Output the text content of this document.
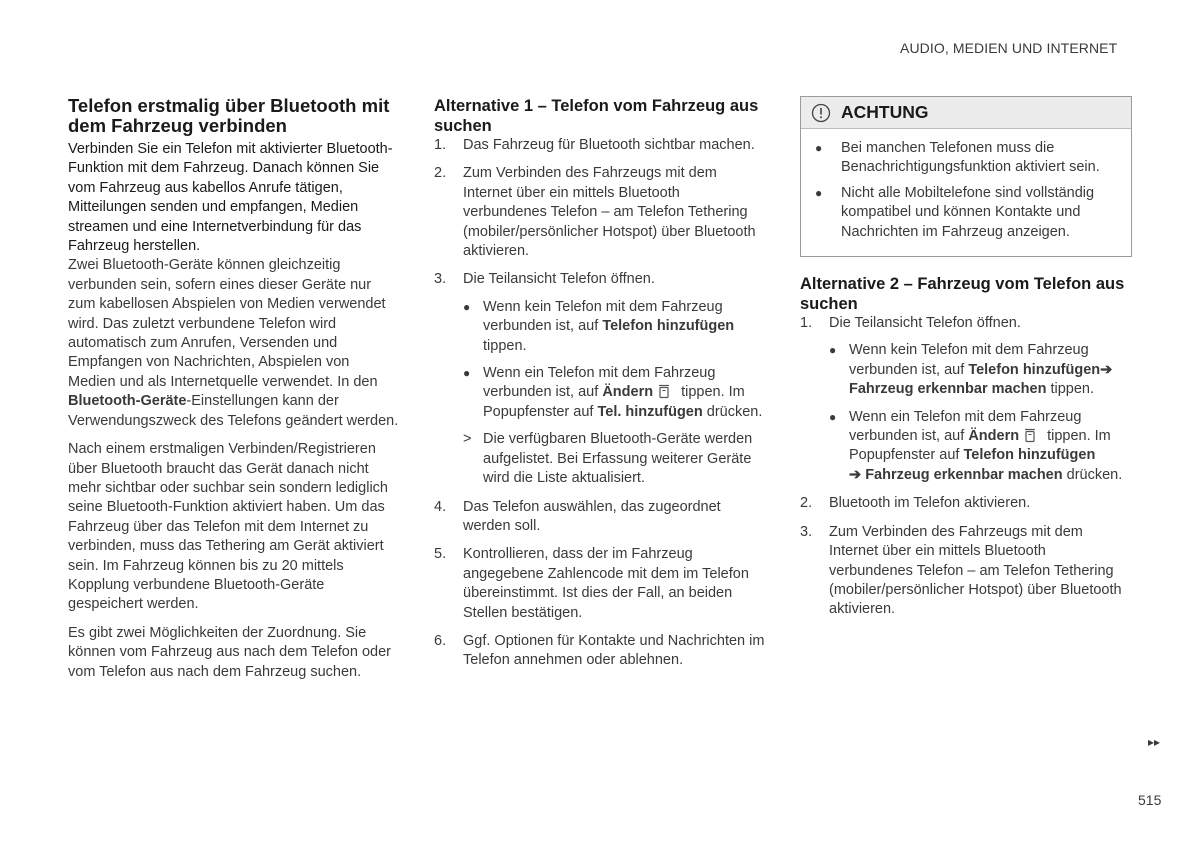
AUDIO, MEDIEN UND INTERNET
Telefon erstmalig über Bluetooth mit dem Fahrzeug verbinden

Verbinden Sie ein Telefon mit aktivierter Bluetooth-Funktion mit dem Fahrzeug. Danach können Sie vom Fahrzeug aus kabellos Anrufe tätigen, Mitteilungen senden und empfangen, Medien streamen und eine Internetverbindung für das Fahrzeug herstellen.

Zwei Bluetooth-Geräte können gleichzeitig verbunden sein, sofern eines dieser Geräte nur zum kabellosen Abspielen von Medien verwendet wird. Das zuletzt verbundene Telefon wird automatisch zum Anrufen, Versenden und Empfangen von Nachrichten, Abspielen von Medien und als Internetquelle verwendet. In den Bluetooth-Geräte-Einstellungen kann der Verwendungszweck des Telefons geändert werden.

Nach einem erstmaligen Verbinden/Registrieren über Bluetooth braucht das Gerät danach nicht mehr sichtbar oder suchbar sein sondern lediglich seine Bluetooth-Funktion aktiviert haben. Um das Fahrzeug über das Telefon mit dem Internet zu verbinden, muss das Tethering am Gerät aktiviert sein. Im Fahrzeug können bis zu 20 mittels Kopplung verbundene Bluetooth-Geräte gespeichert werden.

Es gibt zwei Möglichkeiten der Zuordnung. Sie können vom Fahrzeug aus nach dem Telefon oder vom Telefon aus nach dem Fahrzeug suchen.

Alternative 1 – Telefon vom Fahrzeug aus suchen
1. Das Fahrzeug für Bluetooth sichtbar machen.
2. Zum Verbinden des Fahrzeugs mit dem Internet über ein mittels Bluetooth verbundenes Telefon – am Telefon Tethering (mobiler/persönlicher Hotspot) über Bluetooth aktivieren.
3. Die Teilansicht Telefon öffnen.
● Wenn kein Telefon mit dem Fahrzeug verbunden ist, auf Telefon hinzufügen tippen.
● Wenn ein Telefon mit dem Fahrzeug verbunden ist, auf Ändern
tippen. Im Popupfenster auf Tel. hinzufügen drücken.
> Die verfügbaren Bluetooth-Geräte werden aufgelistet. Bei Erfassung weiterer Geräte wird die Liste aktualisiert.
4. Das Telefon auswählen, das zugeordnet werden soll.
5. Kontrollieren, dass der im Fahrzeug angegebene Zahlencode mit dem im Telefon übereinstimmt. Ist dies der Fall, an beiden Stellen bestätigen.
6. Ggf. Optionen für Kontakte und Nachrichten im Telefon annehmen oder ablehnen.
ACHTUNG
● Bei manchen Telefonen muss die Benachrichtigungsfunktion aktiviert sein.
● Nicht alle Mobiltelefone sind vollständig kompatibel und können Kontakte und Nachrichten im Fahrzeug anzeigen.
Alternative 2 – Fahrzeug vom Telefon aus suchen
1. Die Teilansicht Telefon öffnen.
● Wenn kein Telefon mit dem Fahrzeug verbunden ist, auf Telefon hinzufügen➔ Fahrzeug erkennbar machen tippen.
● Wenn ein Telefon mit dem Fahrzeug verbunden ist, auf Ändern
tippen. Im Popupfenster auf Telefon hinzufügen
➔ Fahrzeug erkennbar machen drücken.
2. Bluetooth im Telefon aktivieren.
3. Zum Verbinden des Fahrzeugs mit dem Internet über ein mittels Bluetooth verbundenes Telefon – am Telefon Tethering (mobiler/persönlicher Hotspot) über Bluetooth aktivieren.
▸▸
515
